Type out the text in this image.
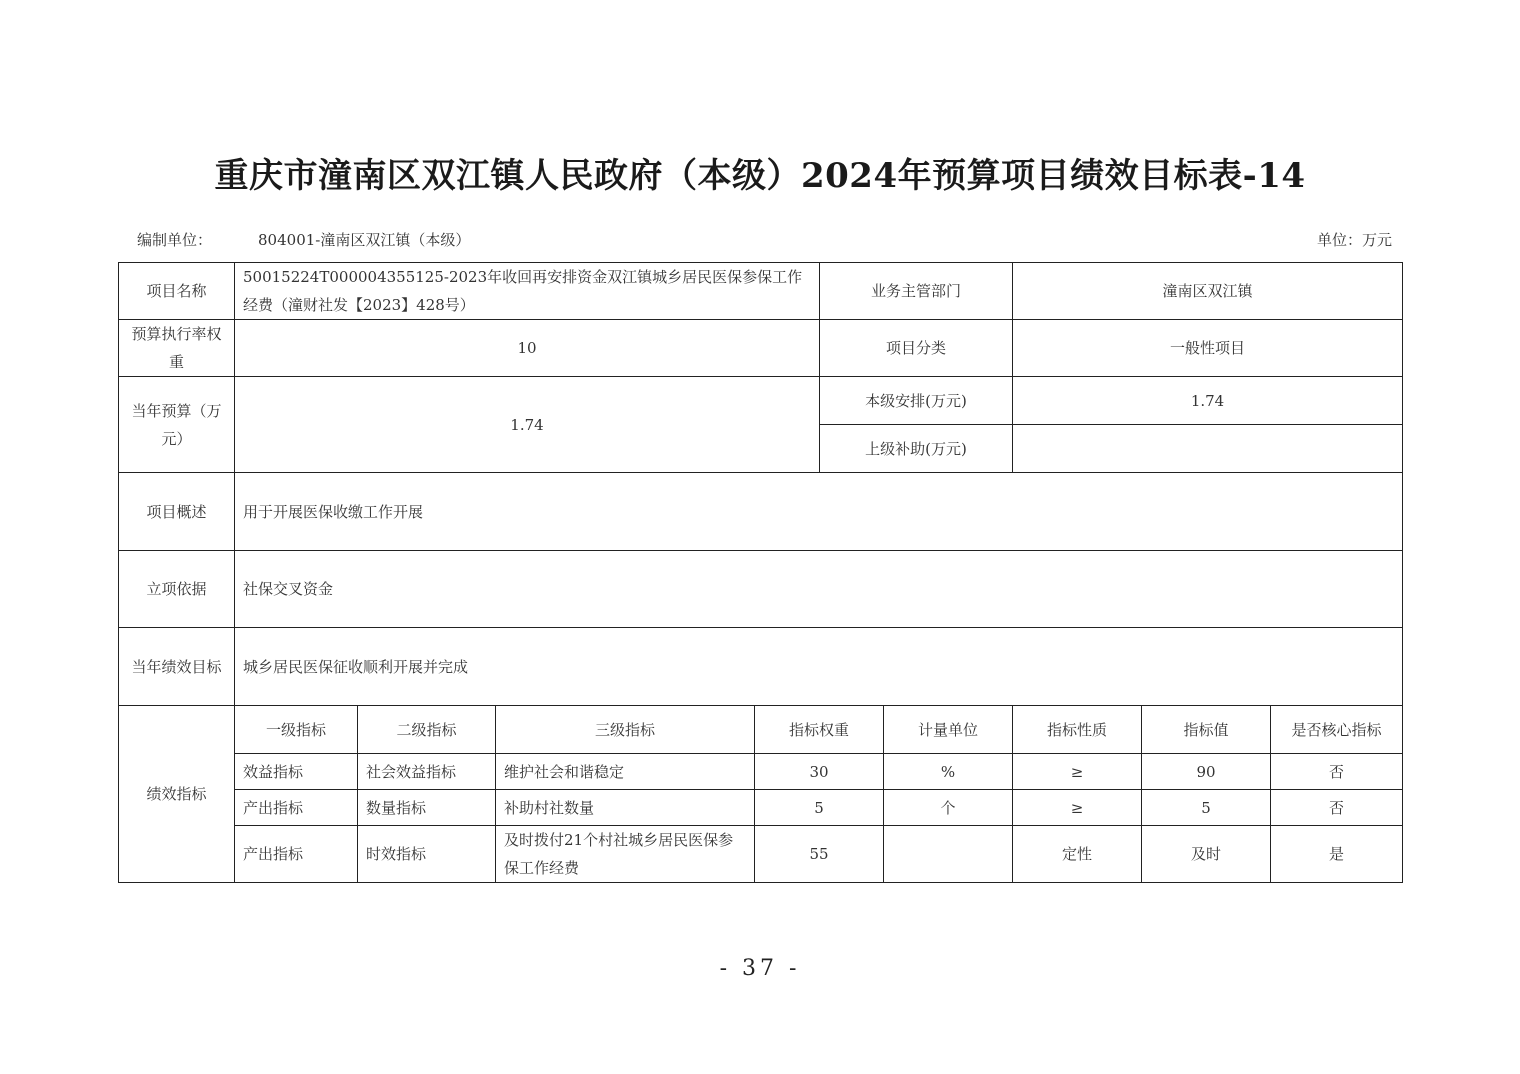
重庆市潼南区双江镇人民政府（本级）2024年预算项目绩效目标表-14
编制单位：	804001-潼南区双江镇（本级）	单位：万元
项目名称	50015224T000004355125-2023年收回再安排资金双江镇城乡居民医保参保工作经费（潼财社发【2023】428号）				业务主管部门		潼南区双江镇		
预算执行率权重	10				项目分类		一般性项目		
当年预算（万元）	1.74				本级安排(万元)		1.74		
					上级补助(万元)				
项目概述	用于开展医保收缴工作开展								
立项依据	社保交叉资金								
当年绩效目标	城乡居民医保征收顺利开展并完成								
绩效指标	一级指标	二级指标	三级指标	指标权重		计量单位	指标性质	指标值	是否核心指标
	效益指标	社会效益指标	维护社会和谐稳定	30		%	≥	90	否
	产出指标	数量指标	补助村社数量	5		个	≥	5	否
	产出指标	时效指标	及时拨付21个村社城乡居民医保参保工作经费	55			定性	及时	是
- 37 -
